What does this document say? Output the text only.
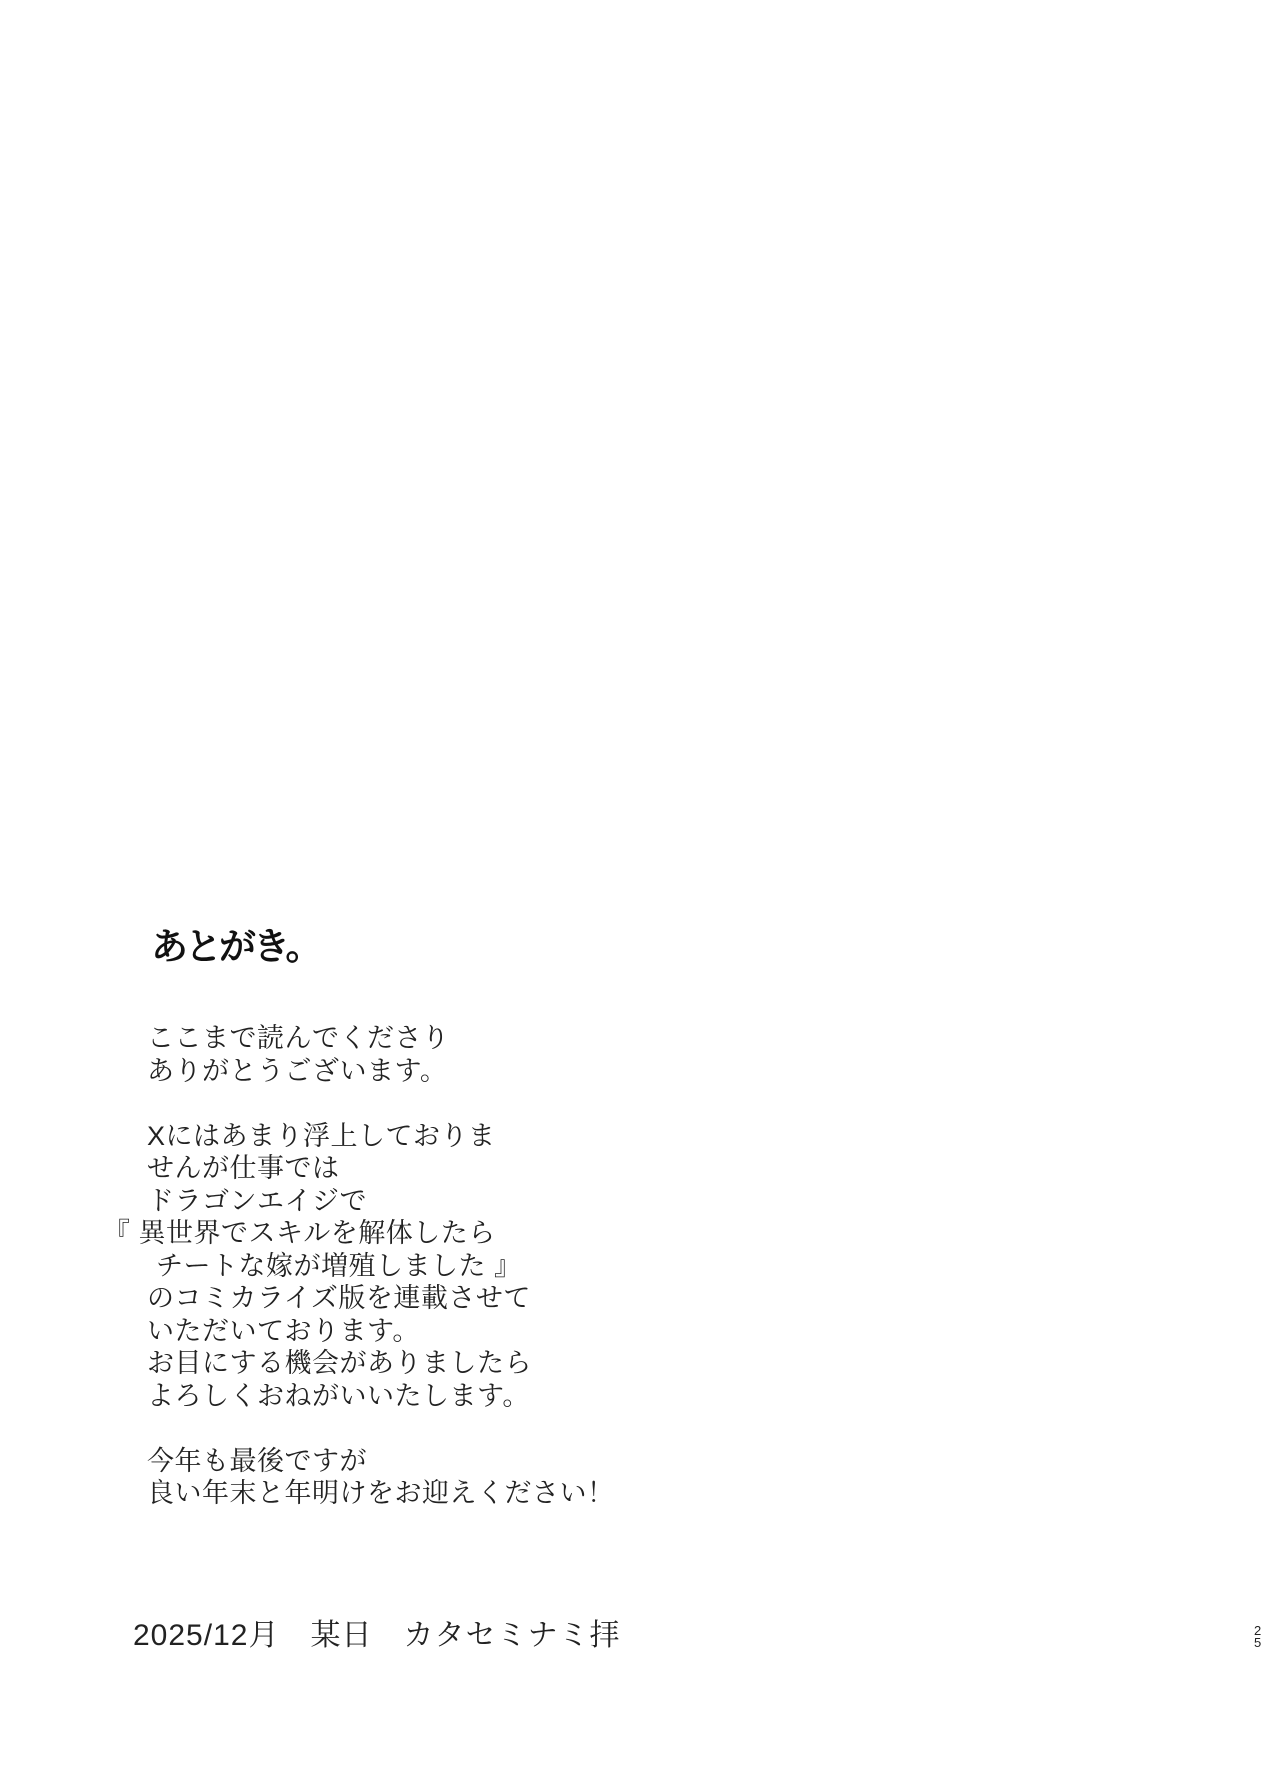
あとがき。
ここまで読んでくださり
ありがとうございます。
Xにはあまり浮上しておりま
せんが仕事では
ドラゴンエイジで
『 異世界でスキルを解体したら
チートな嫁が増殖しました 』
のコミカライズ版を連載させて
いただいております。
お目にする機会がありましたら
よろしくおねがいいたします。
今年も最後ですが
良い年末と年明けをお迎えください！
2025/12月　某日　カタセミナミ拝	2
5
